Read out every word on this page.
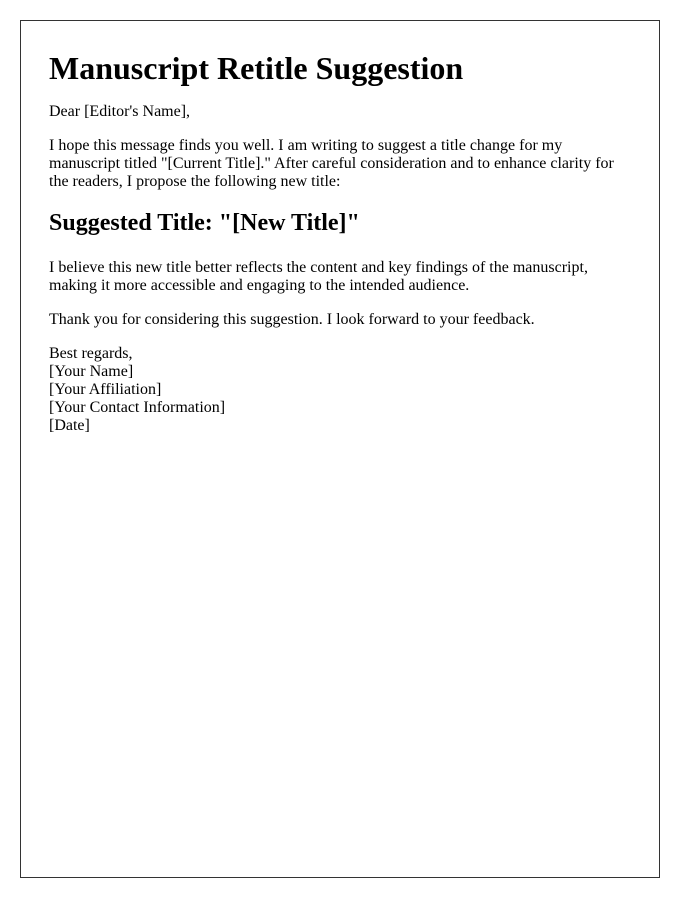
Manuscript Retitle Suggestion

Dear [Editor's Name],

I hope this message finds you well. I am writing to suggest a title change for my manuscript titled "[Current Title]." After careful consideration and to enhance clarity for the readers, I propose the following new title:

Suggested Title: "[New Title]"

I believe this new title better reflects the content and key findings of the manuscript, making it more accessible and engaging to the intended audience.

Thank you for considering this suggestion. I look forward to your feedback.

Best regards,
[Your Name]
[Your Affiliation]
[Your Contact Information]
[Date]
